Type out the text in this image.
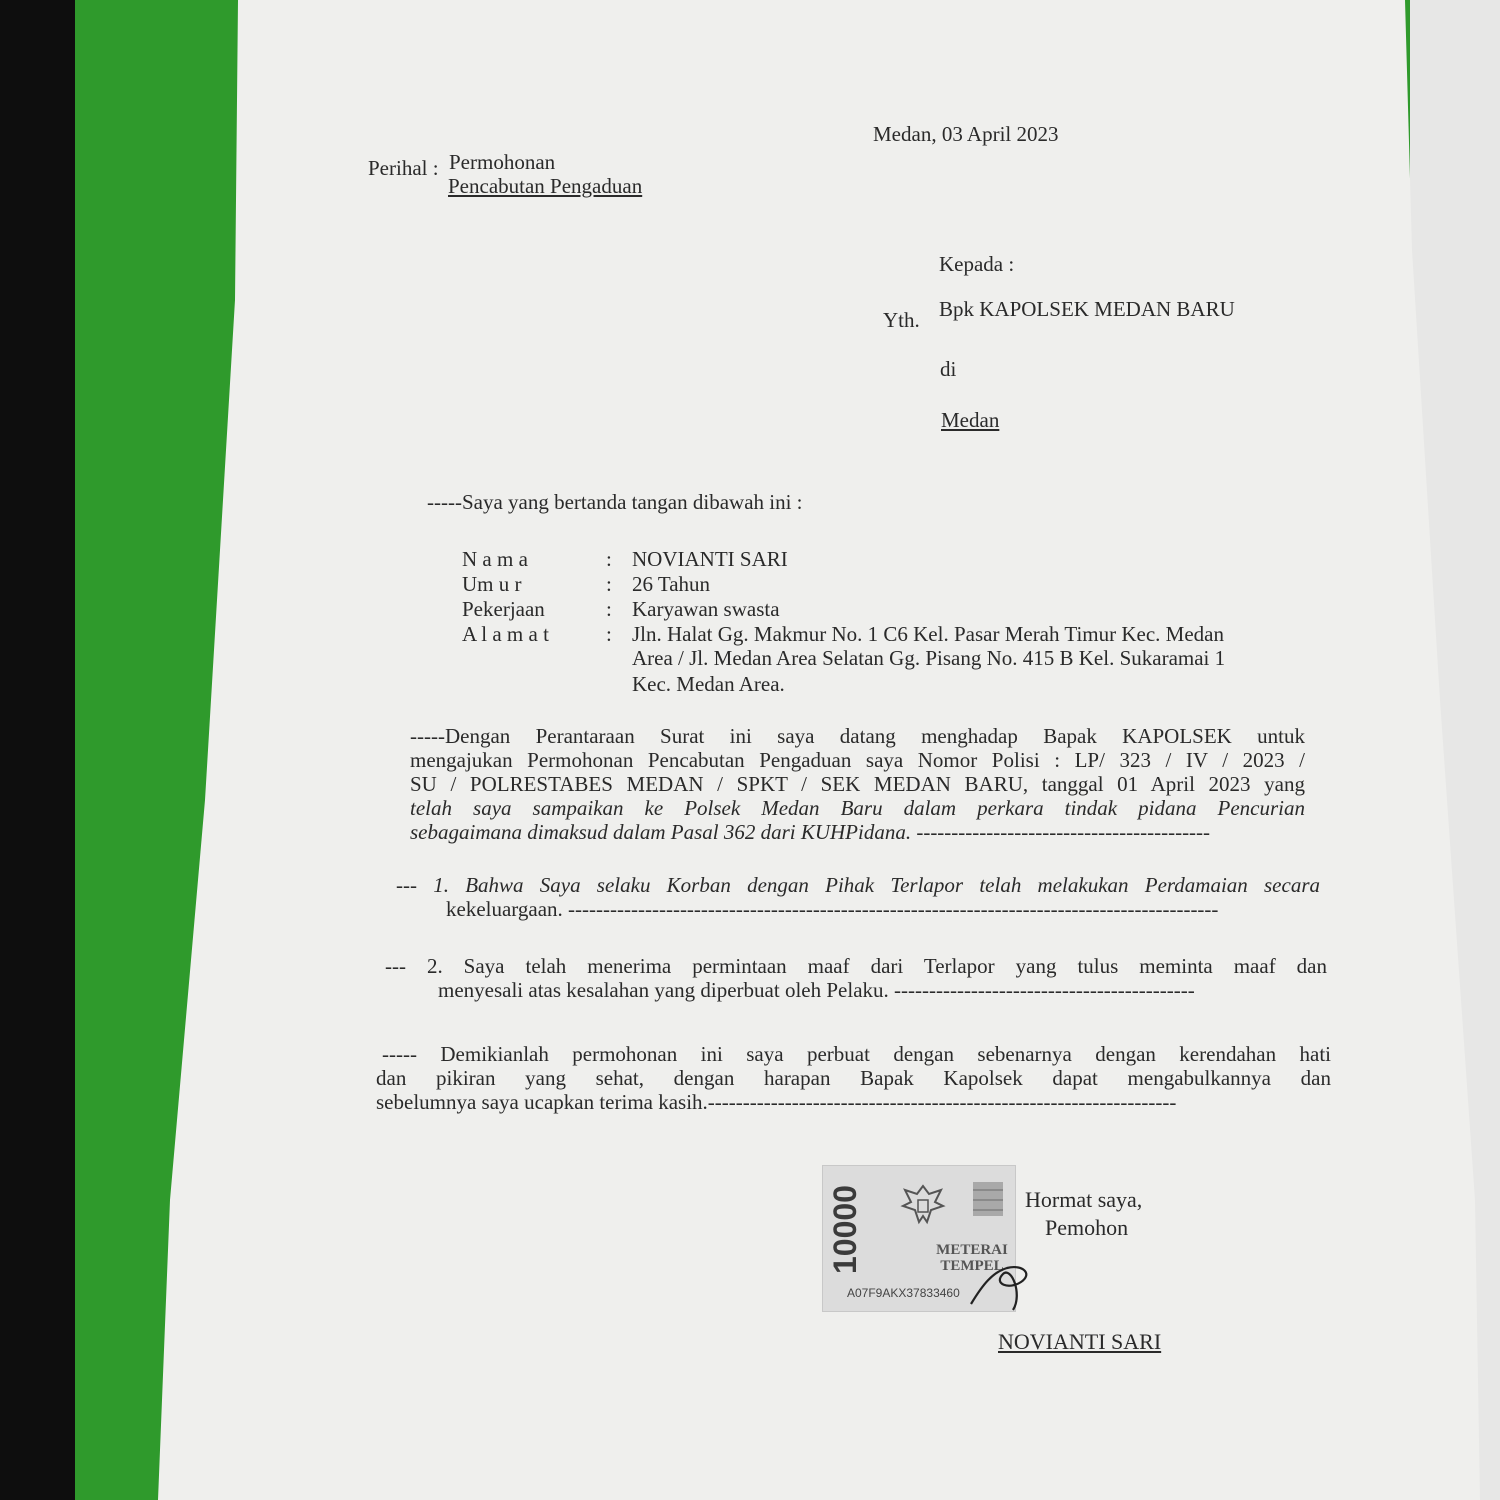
Perihal : Permohonan
Pencabutan Pengaduan
Medan, 03 April 2023
Kepada :
Yth. Bpk KAPOLSEK MEDAN BARU
di
Medan
-----Saya yang bertanda tangan dibawah ini :
N a m a	: NOVIANTI SARI
Um u r	: 26 Tahun
Pekerjaan	: Karyawan swasta
A l a m a t	: Jln. Halat Gg. Makmur No. 1 C6 Kel. Pasar Merah Timur Kec. Medan
Area / Jl. Medan Area Selatan Gg. Pisang No. 415 B Kel. Sukaramai 1
Kec. Medan Area.

-----Dengan Perantaraan Surat ini saya datang menghadap Bapak KAPOLSEK untuk

mengajukan Permohonan Pencabutan Pengaduan saya Nomor Polisi : LP/ 323 / IV / 2023 /

SU / POLRESTABES MEDAN / SPKT / SEK MEDAN BARU, tanggal 01 April 2023 yang

telah saya sampaikan ke Polsek Medan Baru dalam perkara tindak pidana Pencurian

sebagaimana dimaksud dalam Pasal 362 dari KUHPidana. ------------------------------------------

--- 1. Bahwa Saya selaku Korban dengan Pihak Terlapor telah melakukan Perdamaian secara

kekeluargaan. ---------------------------------------------------------------------------------------------

--- 2. Saya telah menerima permintaan maaf dari Terlapor yang tulus meminta maaf dan

menyesali atas kesalahan yang diperbuat oleh Pelaku. -------------------------------------------

----- Demikianlah permohonan ini saya perbuat dengan sebenarnya dengan kerendahan hati

dan pikiran yang sehat, dengan harapan Bapak Kapolsek dapat mengabulkannya dan

sebelumnya saya ucapkan terima kasih.-------------------------------------------------------------------

10000	METERAI
TEMPEL
A07F9AKX37833460
Hormat saya,
Pemohon
NOVIANTI SARI
